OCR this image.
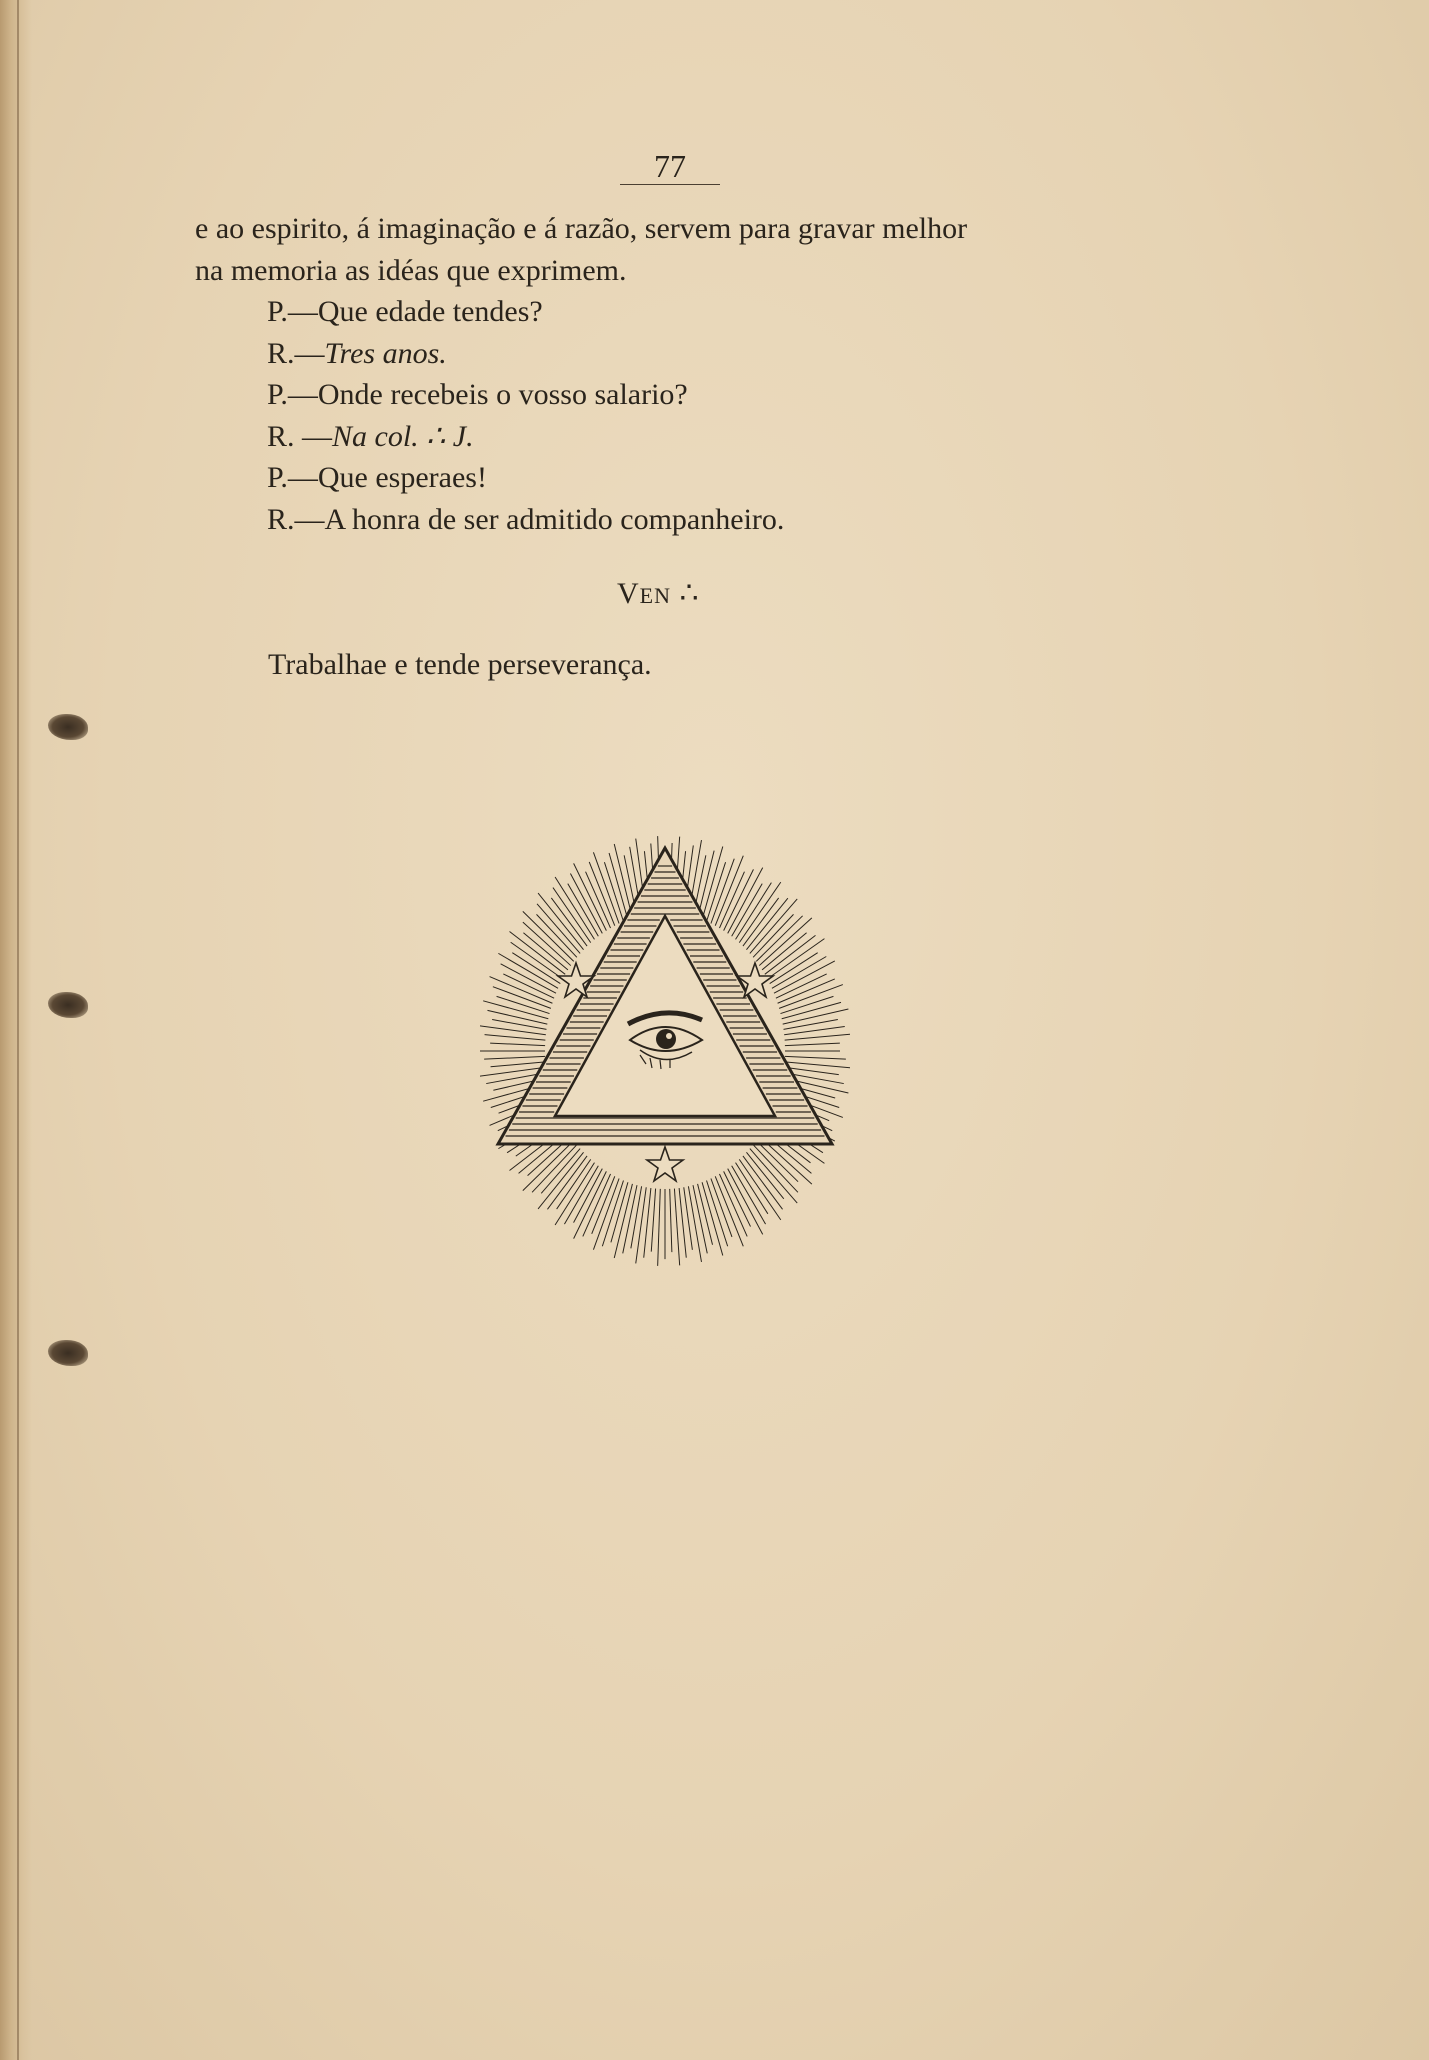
77
e ao espirito, á imaginação e á razão, servem para gravar melhor
na memoria as idéas que exprimem.
P.—Que edade tendes?
R.—Tres anos.
P.—Onde recebeis o vosso salario?
R. —Na col. ∴ J.
P.—Que esperaes!
R.—A honra de ser admitido companheiro.
VEN ∴
Trabalhae e tende perseverança.
